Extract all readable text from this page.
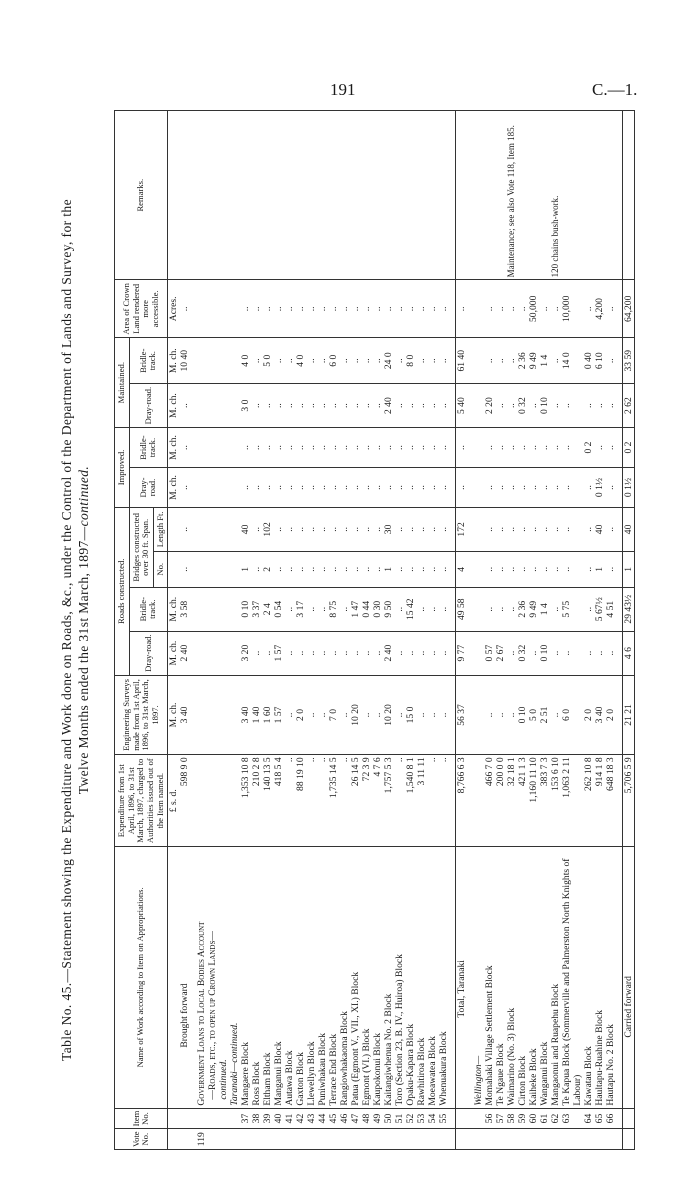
191	C.—1.
Table No. 45.—Statement showing the Expenditure and Work done on Roads, &c., under the Control of the Department of Lands and Survey, for the Twelve Months ended the 31st March, 1897—continued.
Vote No.	Item No.	Name of Work according to Item on Appropriations.	Expenditure from 1st April, 1896, to 31st March, 1897, charged to Authorities issued out of the Item named.	Engineering Surveys made from 1st April, 1896, to 31st March, 1897.	Roads constructed.				Improved.		Maintained.		Area of Crown Land rendered more accessible.	Remarks.
					Dray-road.	Bridle-track.	Bridges constructed over 30 ft. Span.		Dray-road.	Bridle-track.	Dray-road.	Bridle-track.		
							No.	Length Ft.						
			£ s. d.	M. ch.	M. ch.	M. ch.			M. ch.	M. ch.	M. ch.	M. ch.	Acres.	
		Brought forward	598 9 0	3 40	2 40	3 58	..	..	..	..	..	10 40	..	

119		Government Loans to Local Bodies Account												
		—Roads, etc., to open up Crown Lands—												
		continued.												
		Taranaki—continued.												
	37	Mangaere Block	1,353 10 8	3 40	3 20	0 10	1	40	..	..	3 0	4 0	..	
	38	Ross Block	210 2 8	1 40	..	3 37	..	..	..	..	..	..	..	
	39	Eltham Block	140 13 5	1 60	..	2 4	2	102	..	..	..	5 0	..	
	40	Manganui Block	418 5 4	1 57	1 57	0 54	..	..	..	..	..	..	..	
	41	Autawa Block	..	..	..	..	..	..	..	..	..	..	..	
	42	Gaxton Block	88 19 10	2 0	..	3 17	..	..	..	..	..	4 0	..	
	43	Llewellyn Block	..	..	..	..	..	..	..	..	..	..	..	
	44	Puniwhakau Block	..	..	..	..	..	..	..	..	..	..	..	
	45	Terrace End Block	1,735 14 5	7 0	..	8 75	..	..	..	..	..	6 0	..	
	46	Rangiowhakaoma Block	..	..	..	..	..	..	..	..	..	..	..	
	47	Patua (Egmont V., VII., XI.) Block	26 14 5	10 20	..	1 47	..	..	..	..	..	..	..	
	48	Egmont (VI.) Block	72 3 9	..	..	0 44	..	..	..	..	..	..	..	
	49	Kaupokonui Block	4 7 6	..	..	0 30	..	..	..	..	..	..	..	
	50	Kaitangiwhenua No. 2 Block	1,757 5 3	10 20	2 40	9 50	1	30	..	..	2 40	24 0	..	
	51	Toro (Section 23, B. IV., Huiroa) Block	..	..	..	..	..	..	..	..	..	..	..	
	52	Opaku-Kapara Block	1,540 8 1	15 0	..	15 42	..	..	..	..	..	8 0	..	
	53	Rawhitiroa Block	3 11 11	..	..	..	..	..	..	..	..	..	..	
	54	Moeawatea Block	..	..	..	..	..	..	..	..	..	..	..	
	55	Whenuakura Block	..	..	..	..	..	..	..	..	..	..	..	

		Total, Taranaki	8,766 6 3	56 37	9 77	49 58	4	172	..	..	5 40	61 40	..	

		Wellington—												
	56	Momahaki Village Settlement Block	466 7 0	..	0 57	..	..	..	..	..	2 20	..	..	
	57	Te Ngaue Block	200 0 0	..	2 67	..	..	..	..	..	..	..	..	
	58	Waimarino (No. 3) Block	32 18 1	..	..	..	..	..	..	..	..	..	..	Maintenance; see also Vote 118, Item 185.
	59	Cirton Block	421 1 3	0 10	0 32	2 36	..	..	..	..	0 32	2 36	..	
	60	Kaiheke Block	1,160 11 10	5 0	..	9 49	..	..	..	..	..	9 49	50,000	
	61	Wanganui Block	383 7 3	2 51	0 10	1 4	..	..	..	..	0 10	1 4	..	
	62	Mangaonui and Ruapehu Block	153 6 10	..	..	..	..	..	..	..	..	..	..	120 chains bush-work.
	63	Te Kapua Block (Sommerville and Palmerston North Knights of Labour)	1,063 2 11	6 0	..	5 75	..	..	..	..	..	14 0	10,000	
	64	Kawatau Block	262 10 8	2 0	..	..	..	..	..	0 2	..	0 40	..	
	65	Haultapu-Ruahine Block	914 1 8	3 40	..	5 67½	1	40	0 1½	..	..	6 10	4,200	
	66	Hautapu No. 2 Block	648 18 3	2 0	..	4 51	..	..	..	..	..	..	..	

		Carried forward	5,706 5 9	21 21	4 6	29 43½	1	40	0 1½	0 2	2 62	33 59	64,200	
